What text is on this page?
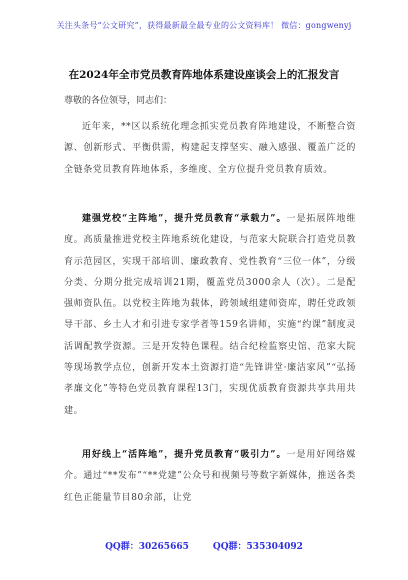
关注头条号“公文研究”，获得最新最全最专业的公文资料库！ 微信：gongwenyj
在2024年全市党员教育阵地体系建设座谈会上的汇报发言
尊敬的各位领导，同志们：
近年来，**区以系统化理念抓实党员教育阵地建设，不断整合资源、创新形式、平衡供需，构建起支撑坚实、融入感强、覆盖广泛的全链条党员教育阵地体系，多维度、全方位提升党员教育质效。
建强党校“主阵地”，提升党员教育“承载力”。一是拓展阵地维度。高质量推进党校主阵地系统化建设，与范家大院联合打造党员教育示范园区，实现干部培训、廉政教育、党性教育“三位一体”，分级分类、分期分批完成培训21期，覆盖党员3000余人（次）。二是配强师资队伍。以党校主阵地为载体，跨领域组建师资库，聘任党政领导干部、乡土人才和引进专家学者等159名讲师，实施“约课”制度灵活调配教学资源。三是开发特色课程。结合纪检监察史馆、范家大院等现场教学点位，创新开发本土资源打造“先锋讲堂·廉洁家风”“弘扬孝廉文化”等特色党员教育课程13门，实现优质教育资源共享共用共建。
用好线上“活阵地”，提升党员教育“吸引力”。一是用好网络媒介。通过“**发布”“**党建”公众号和视频号等数字新媒体，推送各类红色正能量节目80余部，让党
QQ群：30265665	QQ群：535304092
